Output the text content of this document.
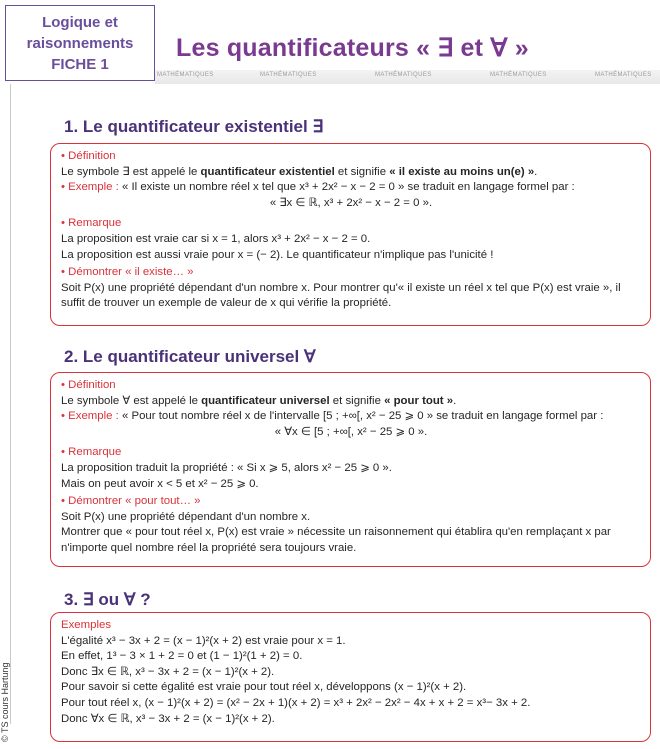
Logique et
raisonnements
FICHE 1
Les quantificateurs « ∃ et ∀ »
MATHÉMATIQUES	MATHÉMATIQUES	MATHÉMATIQUES	MATHÉMATIQUES	MATHÉMATIQUES
© TS cours Hartung
1. Le quantificateur existentiel ∃
• Définition
Le symbole ∃ est appelé le quantificateur existentiel et signifie « il existe au moins un(e) ».
• Exemple : « Il existe un nombre réel x tel que x³ + 2x² − x − 2 = 0 » se traduit en langage formel par :
« ∃x ∈ ℝ, x³ + 2x² − x − 2 = 0 ».
• Remarque
La proposition est vraie car si x = 1, alors x³ + 2x² − x − 2 = 0.
La proposition est aussi vraie pour x = (− 2). Le quantificateur n'implique pas l'unicité !
• Démontrer « il existe… »
Soit P(x) une propriété dépendant d'un nombre x. Pour montrer qu'« il existe un réel x tel que P(x) est vraie », il
suffit de trouver un exemple de valeur de x qui vérifie la propriété.
2. Le quantificateur universel ∀
• Définition
Le symbole ∀ est appelé le quantificateur universel et signifie « pour tout ».
• Exemple : « Pour tout nombre réel x de l'intervalle [5 ; +∞[, x² − 25 ⩾ 0 » se traduit en langage formel par :
« ∀x ∈ [5 ; +∞[, x² − 25 ⩾ 0 ».
• Remarque
La proposition traduit la propriété : « Si x ⩾ 5, alors x² − 25 ⩾ 0 ».
Mais on peut avoir x < 5 et x² − 25 ⩾ 0.
• Démontrer « pour tout… »
Soit P(x) une propriété dépendant d'un nombre x.
Montrer que « pour tout réel x, P(x) est vraie » nécessite un raisonnement qui établira qu'en remplaçant x par
n'importe quel nombre réel la propriété sera toujours vraie.
3. ∃ ou ∀ ?
Exemples
L'égalité x³ − 3x + 2 = (x − 1)²(x + 2) est vraie pour x = 1.
En effet, 1³ − 3 × 1 + 2 = 0 et (1 − 1)²(1 + 2) = 0.
Donc ∃x ∈ ℝ, x³ − 3x + 2 = (x − 1)²(x + 2).
Pour savoir si cette égalité est vraie pour tout réel x, développons (x − 1)²(x + 2).
Pour tout réel x, (x − 1)²(x + 2) = (x² − 2x + 1)(x + 2) = x³ + 2x² − 2x² − 4x + x + 2 = x³− 3x + 2.
Donc ∀x ∈ ℝ, x³ − 3x + 2 = (x − 1)²(x + 2).
